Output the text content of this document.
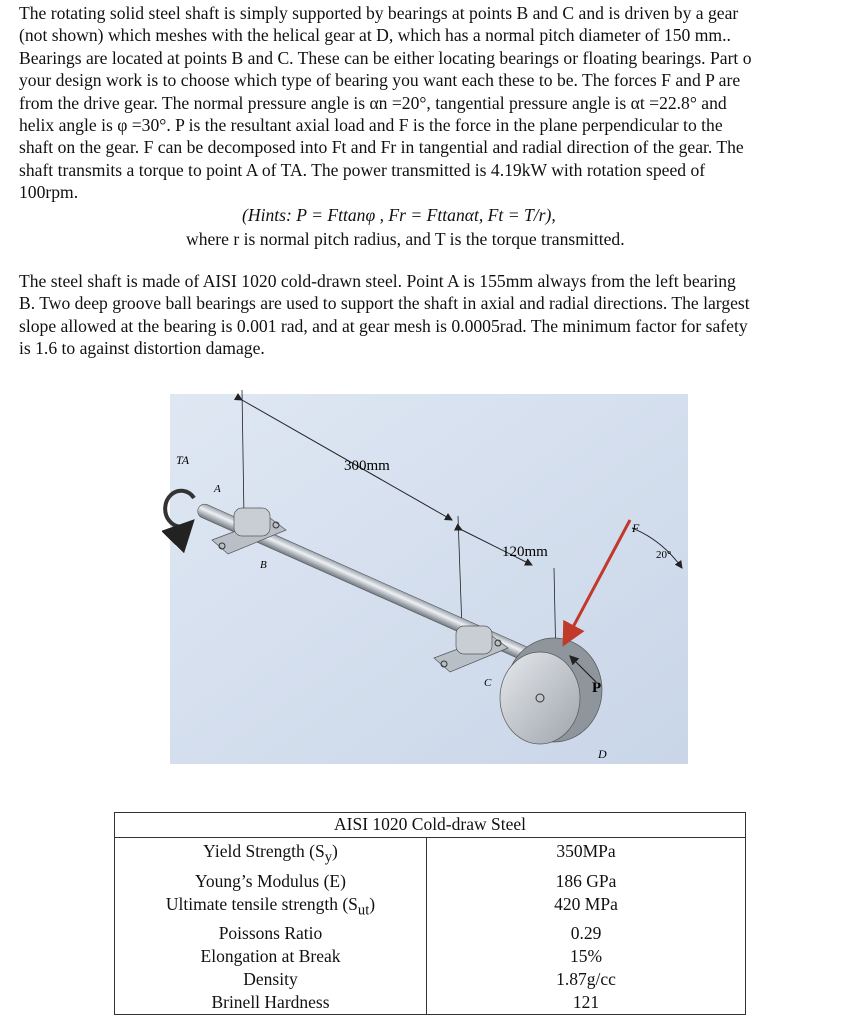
The rotating solid steel shaft is simply supported by bearings at points B and C and is driven by a gear
(not shown) which meshes with the helical gear at D, which has a normal pitch diameter of 150 mm..
Bearings are located at points B and C. These can be either locating bearings or floating bearings. Part o
your design work is to choose which type of bearing you want each these to be. The forces F and P are
from the drive gear. The normal pressure angle is αn =20°, tangential pressure angle is αt =22.8° and
helix angle is φ =30°. P is the resultant axial load and F is the force in the plane perpendicular to the
shaft on the gear. F can be decomposed into Ft and Fr in tangential and radial direction of the gear. The
shaft transmits a torque to point A of TA. The power transmitted is 4.19kW with rotation speed of
100rpm.
(Hints: P = Fttanφ , Fr = Fttanαt, Ft = T/r),
where r is normal pitch radius, and T is the torque transmitted.
The steel shaft is made of AISI 1020 cold-drawn steel. Point A is 155mm always from the left bearing
B. Two deep groove ball bearings are used to support the shaft in axial and radial directions. The largest
slope allowed at the bearing is 0.001 rad, and at gear mesh is 0.0005rad. The minimum factor for safety
is 1.6 to against distortion damage.
TA
A
B
C
D
300mm
120mm
F
P
20°
AISI 1020 Cold-draw Steel	
Yield Strength $(S_y)$	350MPa
Young’s Modulus (E)	186 GPa
Ultimate tensile strength $(S_{ut})$	420 MPa
Poissons Ratio	0.29
Elongation at Break	15%
Density	1.87g/cc
Brinell Hardness	121
